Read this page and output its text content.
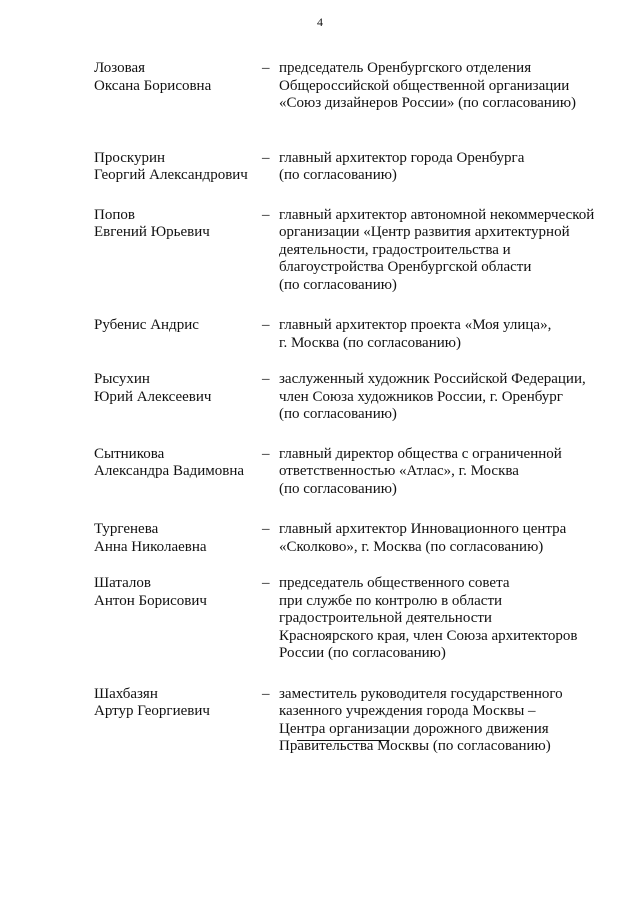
4
Лозовая
Оксана Борисовна
– председатель Оренбургского отделения
Общероссийской общественной организации
«Союз дизайнеров России» (по согласованию)
Проскурин
Георгий Александрович
– главный архитектор города Оренбурга
(по согласованию)
Попов
Евгений Юрьевич
– главный архитектор автономной некоммерческой
организации «Центр развития архитектурной
деятельности, градостроительства и
благоустройства Оренбургской области
(по согласованию)
Рубенис Андрис	– главный архитектор проекта «Моя улица»,
г. Москва (по согласованию)
Рысухин
Юрий Алексеевич
– заслуженный художник Российской Федерации,
член Союза художников России, г. Оренбург
(по согласованию)
Сытникова
Александра Вадимовна
– главный директор общества с ограниченной
ответственностью «Атлас», г. Москва
(по согласованию)
Тургенева
Анна Николаевна
– главный архитектор Инновационного центра
«Сколково», г. Москва (по согласованию)
Шаталов
Антон Борисович
– председатель общественного совета
при службе по контролю в области
градостроительной деятельности
Красноярского края, член Союза архитекторов
России (по согласованию)
Шахбазян
Артур Георгиевич
– заместитель руководителя государственного
казенного учреждения города Москвы –
Центра организации дорожного движения
Правительства Москвы (по согласованию)
